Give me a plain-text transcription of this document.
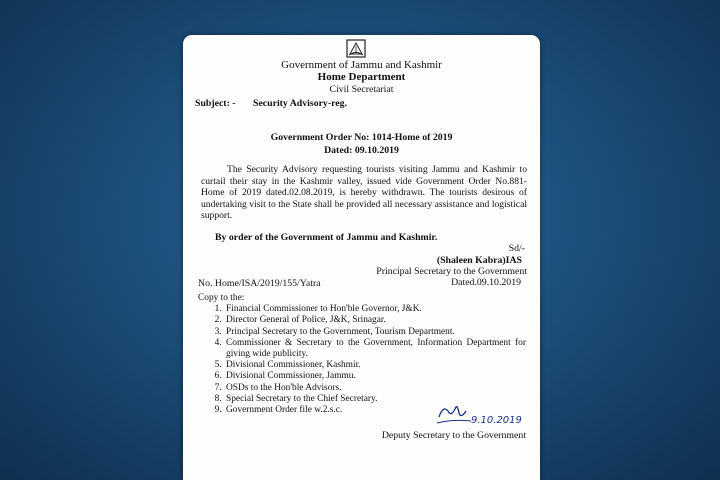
Government of Jammu and Kashmir
Home Department
Civil Secretariat
Subject: - Security Advisory-reg.
Government Order No: 1014-Home of 2019
Dated: 09.10.2019
The Security Advisory requesting tourists visiting Jammu and Kashmir to curtail their stay in the Kashmir valley, issued vide Government Order No.881-Home of 2019 dated.02.08.2019, is hereby withdrawn. The tourists desirous of undertaking visit to the State shall be provided all necessary assistance and logistical support.
By order of the Government of Jammu and Kashmir.
Sd/-
(Shaleen Kabra)IAS
Principal Secretary to the Government
Dated.09.10.2019
No. Home/ISA/2019/155/Yatra
Copy to the:
1. Financial Commissioner to Hon'ble Governor, J&K.
2. Director General of Police, J&K, Srinagar.
3. Principal Secretary to the Government, Tourism Department.
4. Commissioner & Secretary to the Government, Information Department for giving wide publicity.
5. Divisional Commissioner, Kashmir.
6. Divisional Commissioner, Jammu.
7. OSDs to the Hon'ble Advisors.
8. Special Secretary to the Chief Secretary.
9. Government Order file w.2.s.c.
9.10.2019
Deputy Secretary to the Government
